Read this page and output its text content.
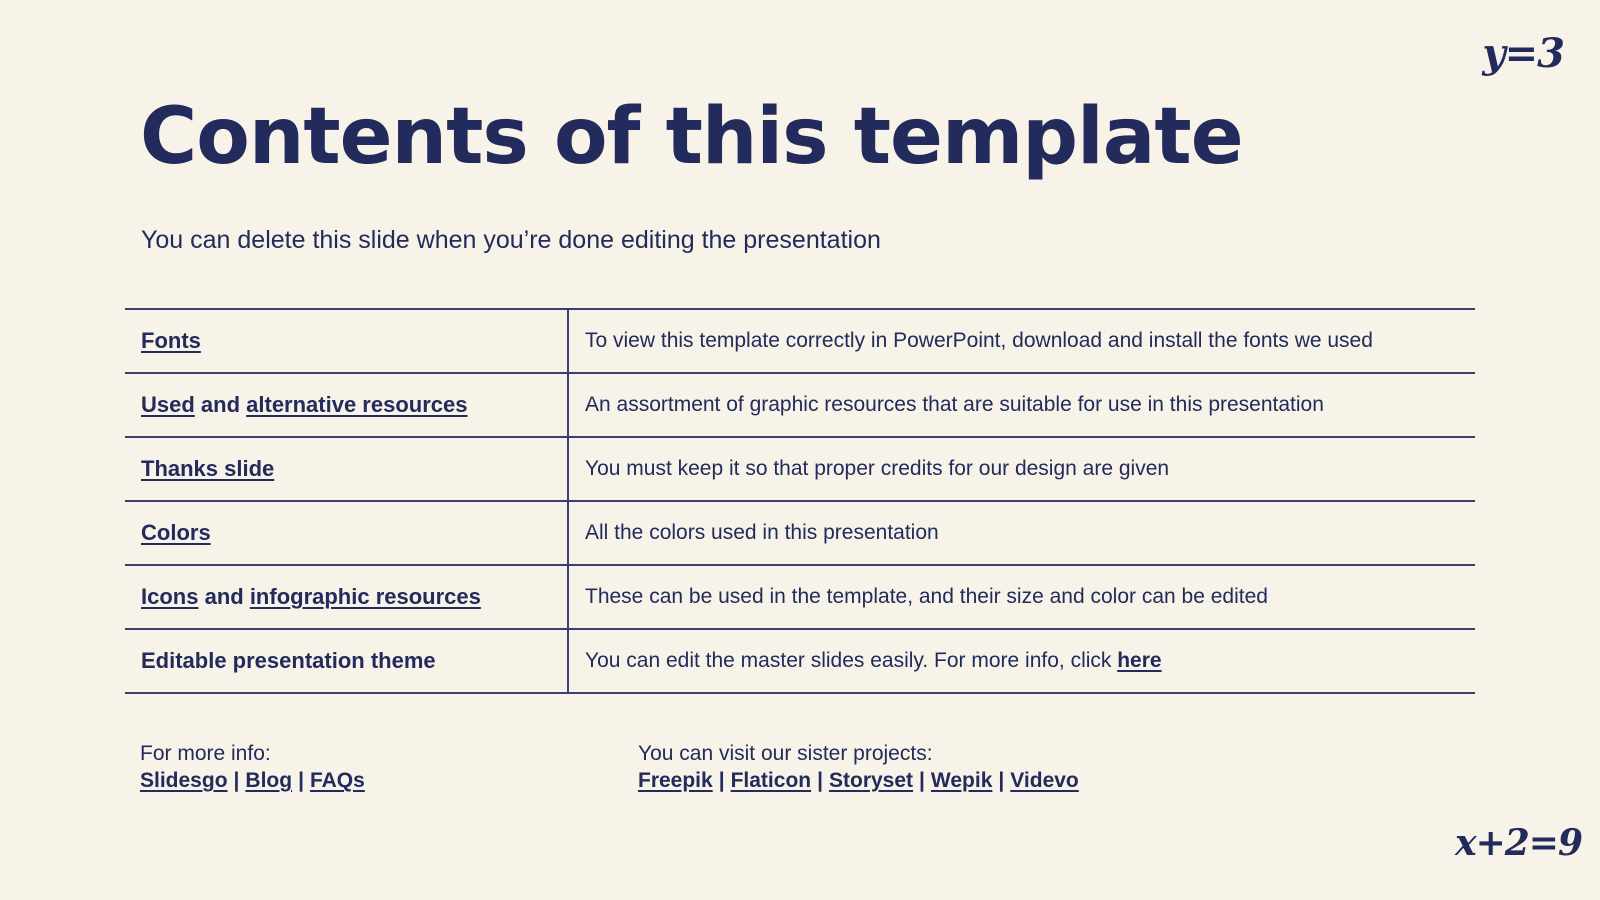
y=3
x+2=9
Contents of this template

You can delete this slide when you’re done editing the presentation

Fonts	To view this template correctly in PowerPoint, download and install the fonts we used
Used and alternative resources	An assortment of graphic resources that are suitable for use in this presentation
Thanks slide	You must keep it so that proper credits for our design are given
Colors	All the colors used in this presentation
Icons and infographic resources	These can be used in the template, and their size and color can be edited
Editable presentation theme	You can edit the master slides easily. For more info, click here
For more info:
Slidesgo | Blog | FAQs
You can visit our sister projects:
Freepik | Flaticon | Storyset | Wepik | Videvo
